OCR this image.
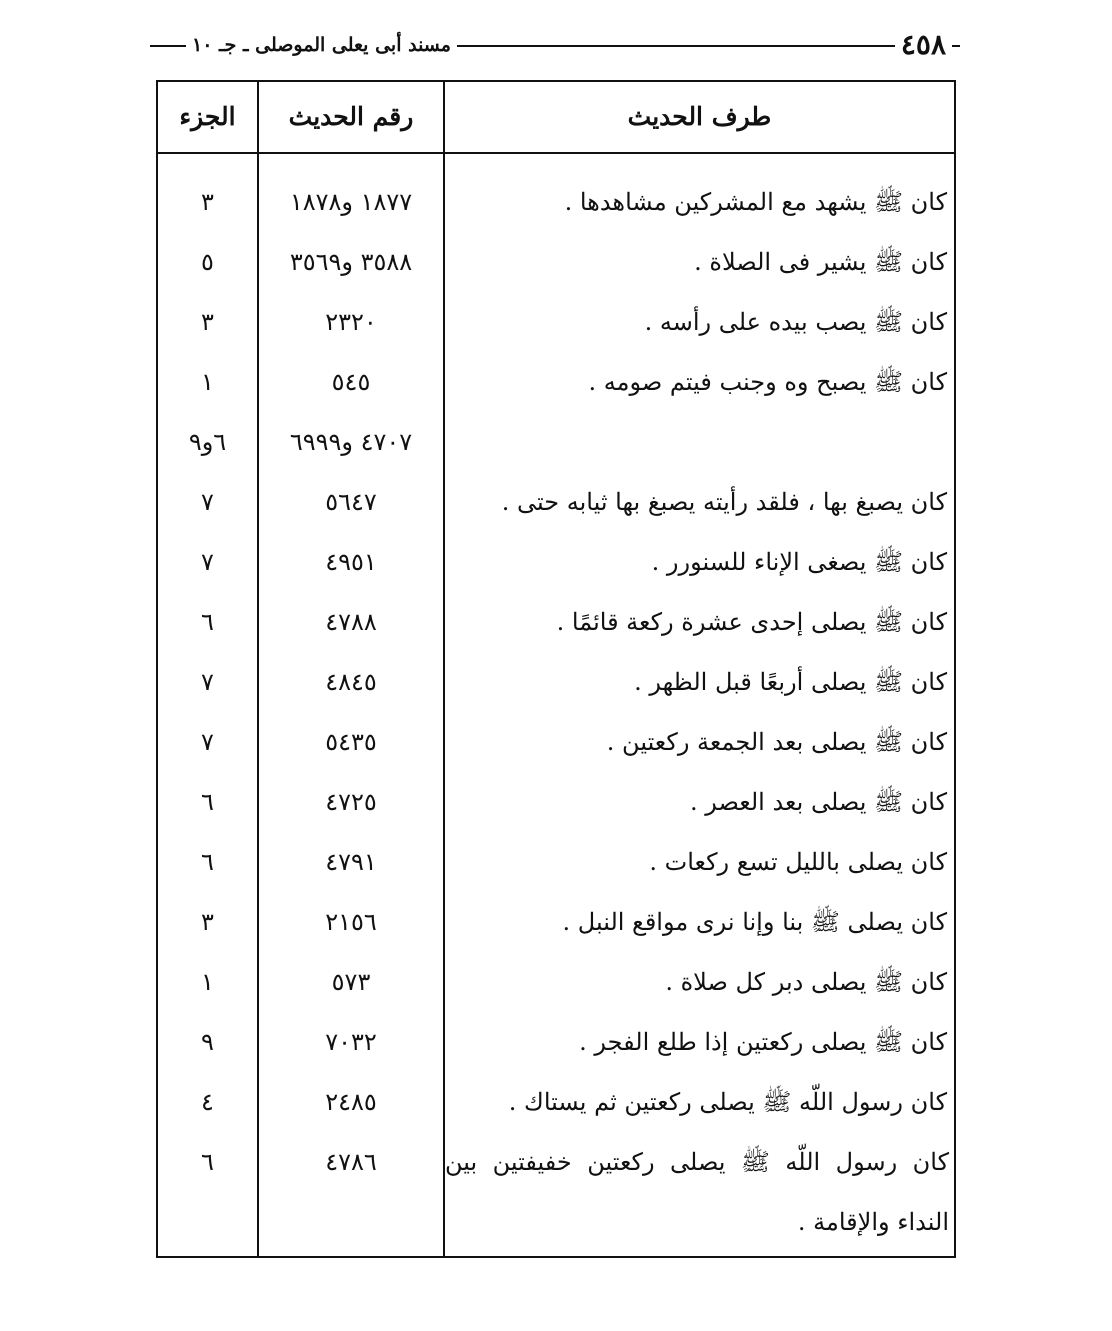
٤٥٨
مسند أبى يعلى الموصلى ـ جـ ١٠
طرف الحديث
رقم الحديث
الجزء
كان ﷺ يشهد مع المشركين مشاهدها .
١٨٧٧ و١٨٧٨
٣
كان ﷺ يشير فى الصلاة .
٣٥٨٨ و٣٥٦٩
٥
كان ﷺ يصب بيده على رأسه .
٢٣٢٠
٣
كان ﷺ يصبح وه وجنب فيتم صومه .
٥٤٥
١
٤٧٠٧ و٦٩٩٩
٦و٩
كان يصبغ بها ، فلقد رأيته يصبغ بها ثيابه حتى .
٥٦٤٧
٧
كان ﷺ يصغى الإناء للسنورر .
٤٩٥١
٧
كان ﷺ يصلى إحدى عشرة ركعة قائمًا .
٤٧٨٨
٦
كان ﷺ يصلى أربعًا قبل الظهر .
٤٨٤٥
٧
كان ﷺ يصلى بعد الجمعة ركعتين .
٥٤٣٥
٧
كان ﷺ يصلى بعد العصر .
٤٧٢٥
٦
كان يصلى بالليل تسع ركعات .
٤٧٩١
٦
كان يصلى ﷺ بنا وإنا نرى مواقع النبل .
٢١٥٦
٣
كان ﷺ يصلى دبر كل صلاة .
٥٧٣
١
كان ﷺ يصلى ركعتين إذا طلع الفجر .
٧٠٣٢
٩
كان رسول اللّه ﷺ يصلى ركعتين ثم يستاك .
٢٤٨٥
٤
كان رسول اللّه ﷺ يصلى ركعتين خفيفتين بين النداء والإقامة .
٤٧٨٦
٦
